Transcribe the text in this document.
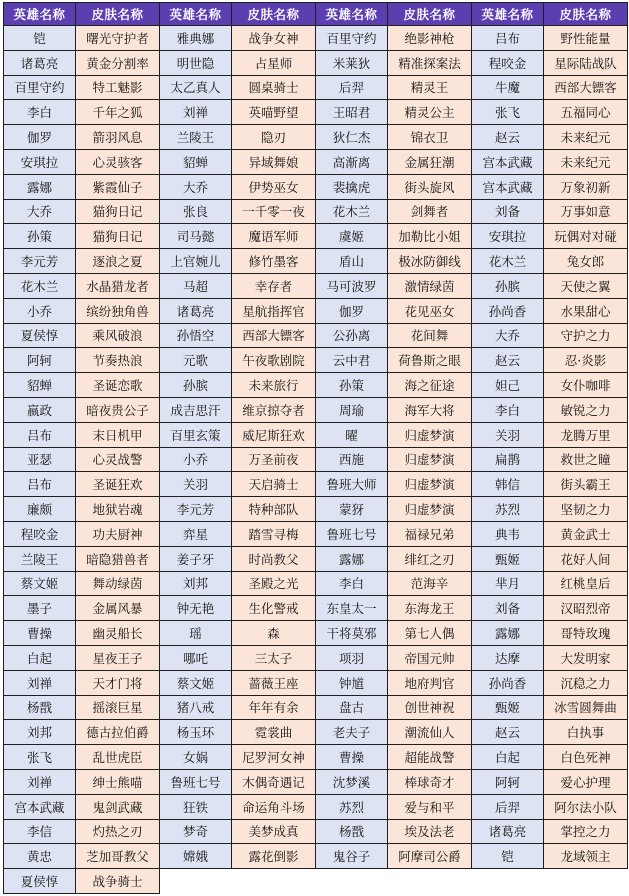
英雄名称	皮肤名称	英雄名称	皮肤名称	英雄名称	皮肤名称	英雄名称	皮肤名称
铠	曙光守护者	雅典娜	战争女神	百里守约	绝影神枪	吕布	野性能量
诸葛亮	黄金分割率	明世隐	占星师	米莱狄	精准探案法	程咬金	星际陆战队
百里守约	特工魅影	太乙真人	圆桌骑士	后羿	精灵王	牛魔	西部大镖客
李白	千年之狐	刘禅	英喵野望	王昭君	精灵公主	张飞	五福同心
伽罗	箭羽风息	兰陵王	隐刃	狄仁杰	锦衣卫	赵云	未来纪元
安琪拉	心灵骇客	貂蝉	异域舞娘	高渐离	金属狂潮	宫本武藏	未来纪元
露娜	紫霞仙子	大乔	伊势巫女	裴擒虎	街头旋风	宫本武藏	万象初新
大乔	猫狗日记	张良	一千零一夜	花木兰	剑舞者	刘备	万事如意
孙策	猫狗日记	司马懿	魔语军师	虞姬	加勒比小姐	安琪拉	玩偶对对碰
李元芳	逐浪之夏	上官婉儿	修竹墨客	盾山	极冰防御线	花木兰	兔女郎
花木兰	水晶猎龙者	马超	幸存者	马可波罗	激情绿茵	孙膑	天使之翼
小乔	缤纷独角兽	诸葛亮	星航指挥官	伽罗	花见巫女	孙尚香	水果甜心
夏侯惇	乘风破浪	孙悟空	西部大镖客	公孙离	花间舞	大乔	守护之力
阿轲	节奏热浪	元歌	午夜歌剧院	云中君	荷鲁斯之眼	赵云	忍·炎影
貂蝉	圣诞恋歌	孙膑	未来旅行	孙策	海之征途	妲己	女仆咖啡
嬴政	暗夜贵公子	成吉思汗	维京掠夺者	周瑜	海军大将	李白	敏锐之力
吕布	末日机甲	百里玄策	威尼斯狂欢	曜	归虚梦演	关羽	龙腾万里
亚瑟	心灵战警	小乔	万圣前夜	西施	归虚梦演	扁鹊	救世之瞳
吕布	圣诞狂欢	关羽	天启骑士	鲁班大师	归虚梦演	韩信	街头霸王
廉颇	地狱岩魂	李元芳	特种部队	蒙犽	归虚梦演	苏烈	坚韧之力
程咬金	功夫厨神	弈星	踏雪寻梅	鲁班七号	福禄兄弟	典韦	黄金武士
兰陵王	暗隐猎兽者	姜子牙	时尚教父	露娜	绯红之刃	甄姬	花好人间
蔡文姬	舞动绿茵	刘邦	圣殿之光	李白	范海辛	芈月	红桃皇后
墨子	金属风暴	钟无艳	生化警戒	东皇太一	东海龙王	刘备	汉昭烈帝
曹操	幽灵船长	瑶	森	干将莫邪	第七人偶	露娜	哥特玫瑰
白起	星夜王子	哪吒	三太子	项羽	帝国元帅	达摩	大发明家
刘禅	天才门将	蔡文姬	蔷薇王座	钟馗	地府判官	孙尚香	沉稳之力
杨戬	摇滚巨星	猪八戒	年年有余	盘古	创世神祝	甄姬	冰雪圆舞曲
刘邦	德古拉伯爵	杨玉环	霓裳曲	老夫子	潮流仙人	赵云	白执事
张飞	乱世虎臣	女娲	尼罗河女神	曹操	超能战警	白起	白色死神
刘禅	绅士熊喵	鲁班七号	木偶奇遇记	沈梦溪	棒球奇才	阿轲	爱心护理
宫本武藏	鬼剑武藏	狂铁	命运角斗场	苏烈	爱与和平	后羿	阿尔法小队
李信	灼热之刃	梦奇	美梦成真	杨戬	埃及法老	诸葛亮	掌控之力
黄忠	芝加哥教父	嫦娥	露花倒影	鬼谷子	阿摩司公爵	铠	龙域领主
夏侯惇	战争骑士						
